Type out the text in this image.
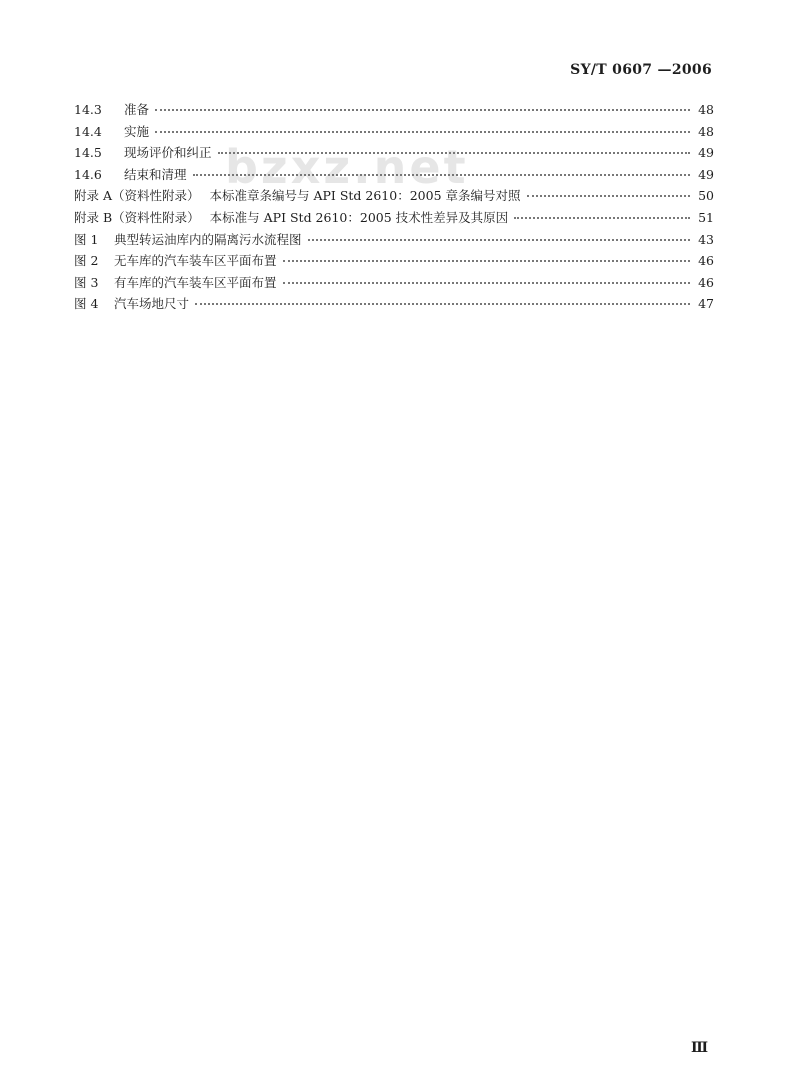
SY/T 0607 —2006
bzxz.net
14.3	准备	48
14.4	实施	48
14.5	现场评价和纠正	49
14.6	结束和清理	49
附录 A（资料性附录） 本标准章条编号与 API Std 2610：2005 章条编号对照	50
附录 B（资料性附录） 本标准与 API Std 2610：2005 技术性差异及其原因	51
图 1	典型转运油库内的隔离污水流程图	43
图 2	无车库的汽车装车区平面布置	46
图 3	有车库的汽车装车区平面布置	46
图 4	汽车场地尺寸	47
Ⅲ
